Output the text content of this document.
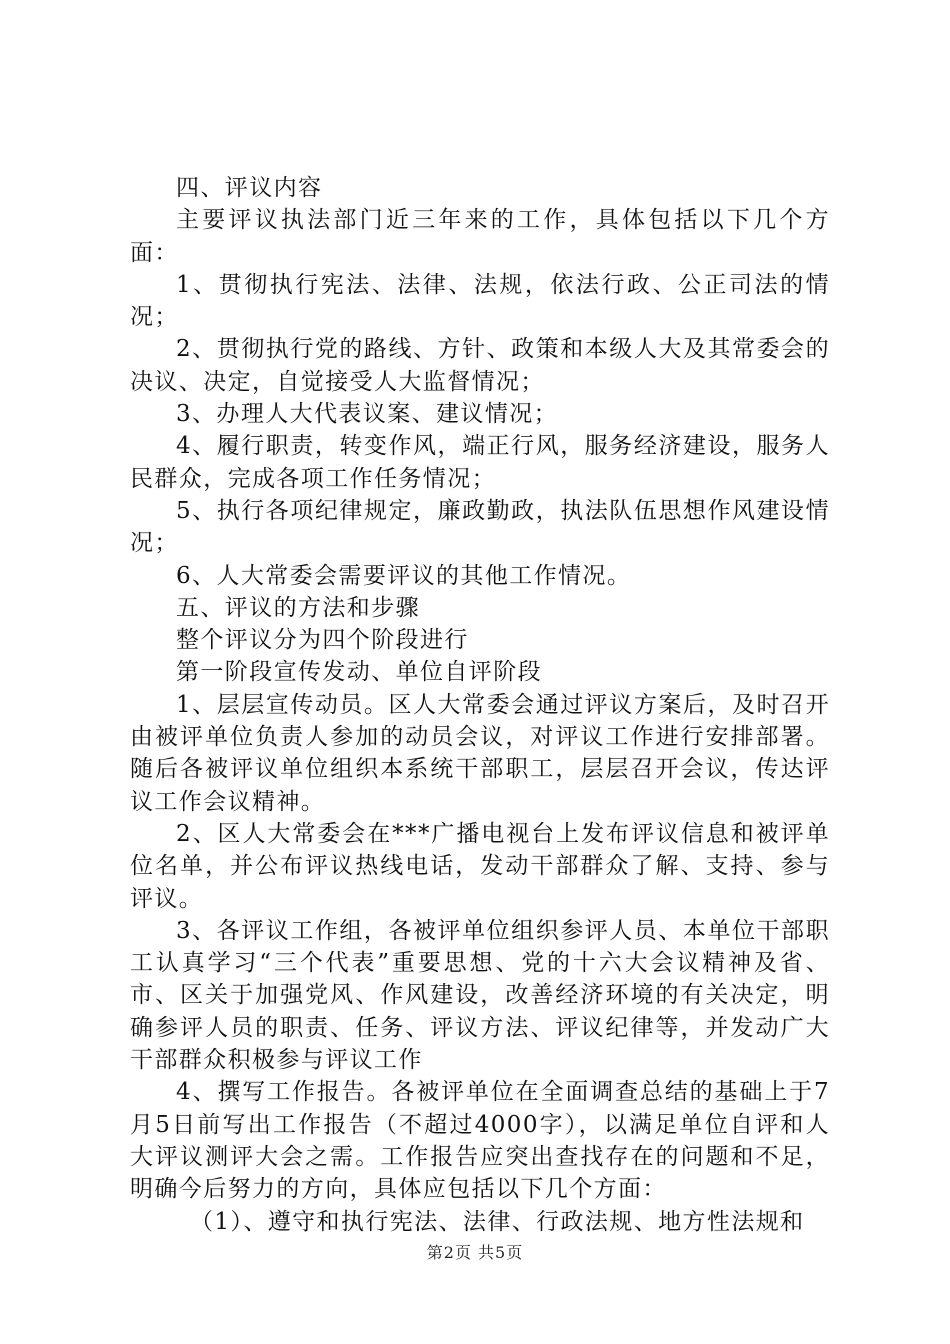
四、评议内容

主要评议执法部门近三年来的工作，具体包括以下几个方面：

1、贯彻执行宪法、法律、法规，依法行政、公正司法的情况；

2、贯彻执行党的路线、方针、政策和本级人大及其常委会的决议、决定，自觉接受人大监督情况；

3、办理人大代表议案、建议情况；

4、履行职责，转变作风，端正行风，服务经济建设，服务人民群众，完成各项工作任务情况；

5、执行各项纪律规定，廉政勤政，执法队伍思想作风建设情况；

6、人大常委会需要评议的其他工作情况。

五、评议的方法和步骤

整个评议分为四个阶段进行

第一阶段宣传发动、单位自评阶段

1、层层宣传动员。区人大常委会通过评议方案后，及时召开由被评单位负责人参加的动员会议，对评议工作进行安排部署。随后各被评议单位组织本系统干部职工，层层召开会议，传达评议工作会议精神。

2、区人大常委会在***广播电视台上发布评议信息和被评单位名单，并公布评议热线电话，发动干部群众了解、支持、参与评议。

3、各评议工作组，各被评单位组织参评人员、本单位干部职工认真学习“三个代表”重要思想、党的十六大会议精神及省、市、区关于加强党风、作风建设，改善经济环境的有关决定，明确参评人员的职责、任务、评议方法、评议纪律等，并发动广大干部群众积极参与评议工作

4、撰写工作报告。各被评单位在全面调查总结的基础上于7月5日前写出工作报告（不超过4000字），以满足单位自评和人大评议测评大会之需。工作报告应突出查找存在的问题和不足，明确今后努力的方向，具体应包括以下几个方面：

（1）、遵守和执行宪法、法律、行政法规、地方性法规和

第2页 共5页
